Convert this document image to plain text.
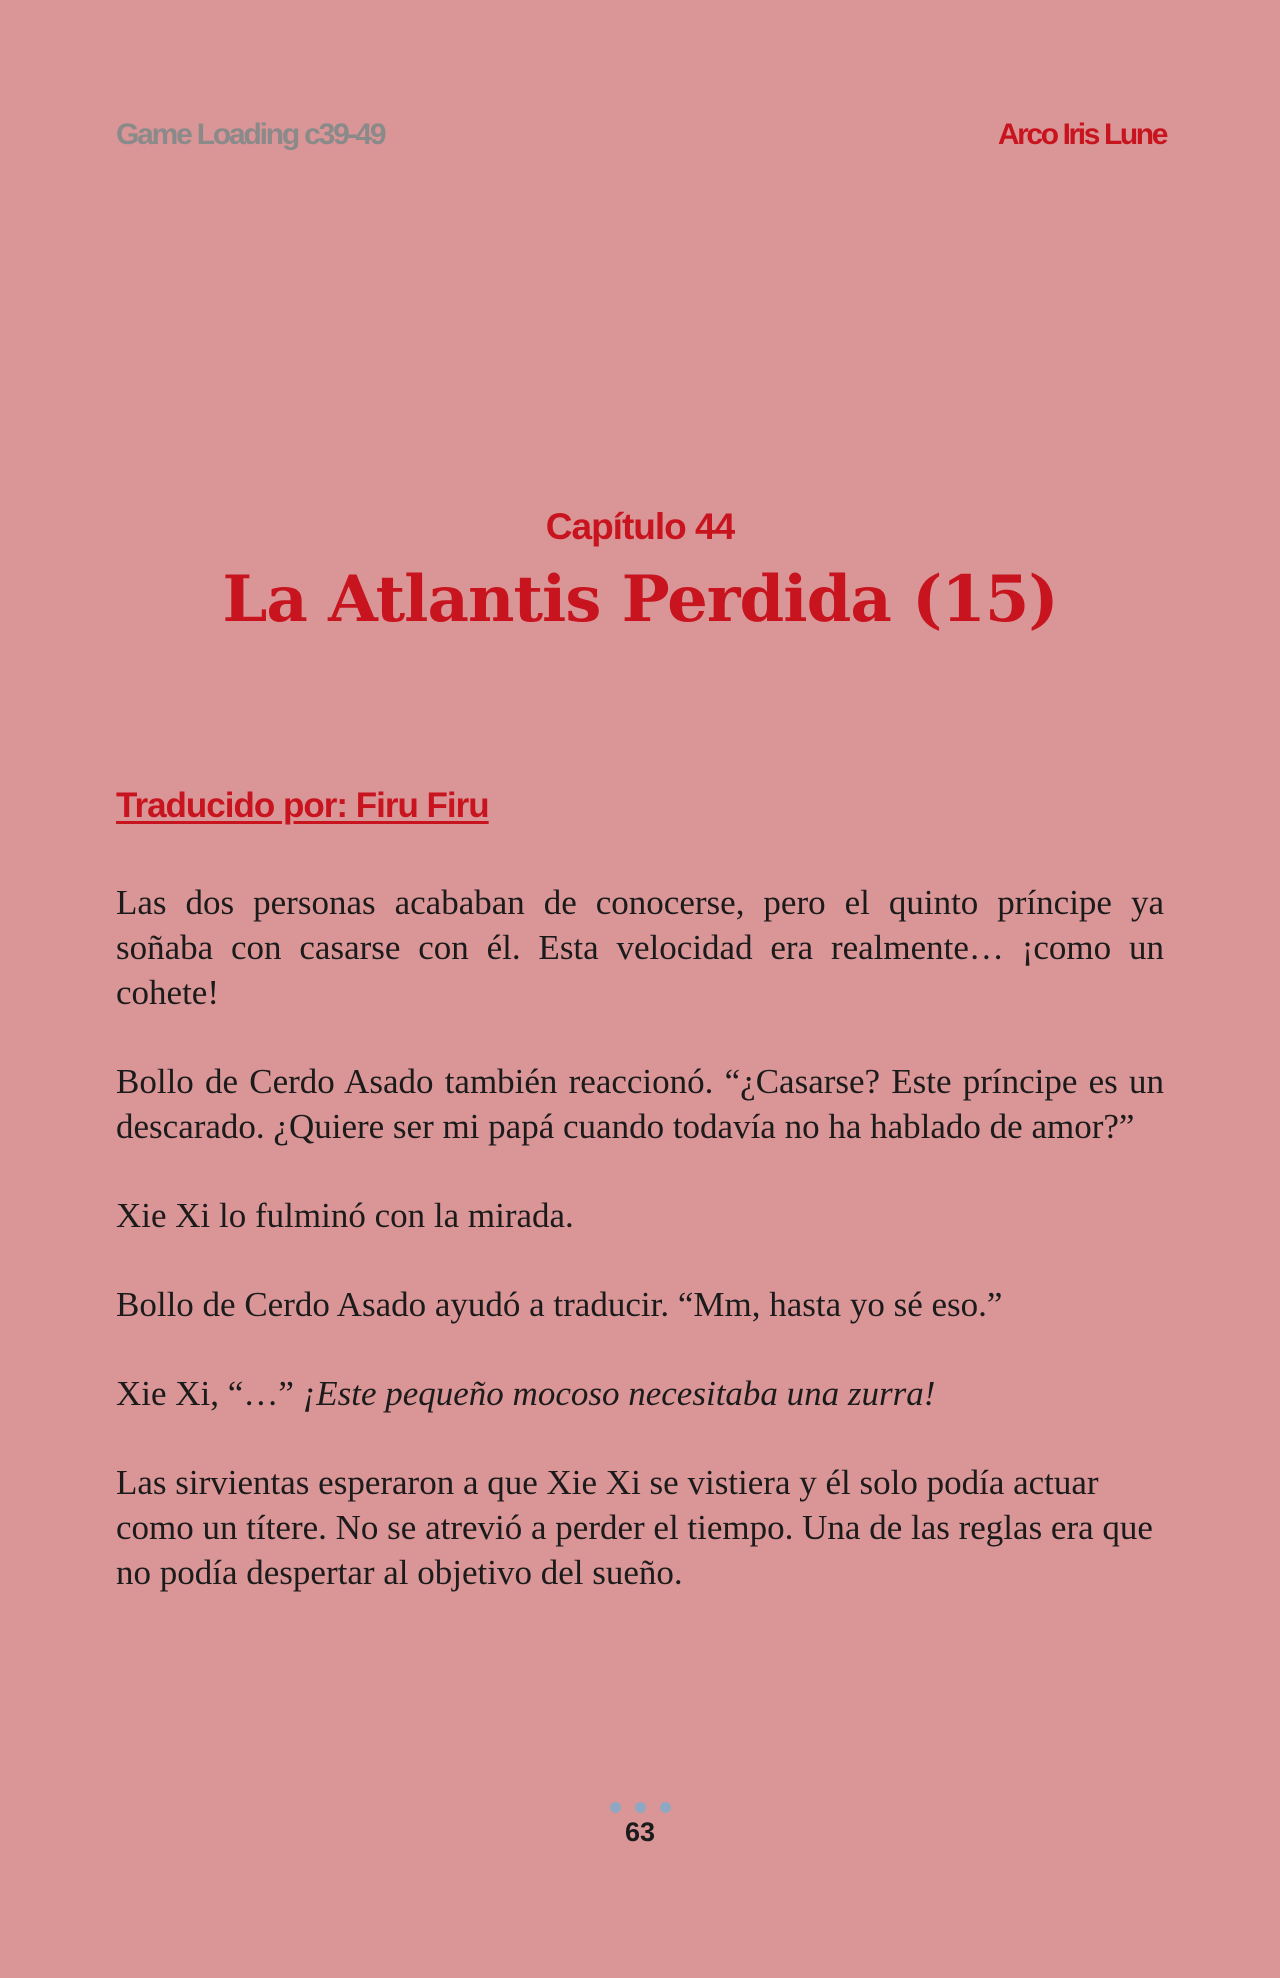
Game Loading c39-49	Arco Iris Lune
Capítulo 44
La Atlantis Perdida (15)
Traducido por: Firu Firu

Las dos personas acababan de conocerse, pero el quinto príncipe ya soñaba con casarse con él. Esta velocidad era realmente… ¡como un cohete!

Bollo de Cerdo Asado también reaccionó. “¿Casarse? Este príncipe es un descarado. ¿Quiere ser mi papá cuando todavía no ha hablado de amor?”

Xie Xi lo fulminó con la mirada.

Bollo de Cerdo Asado ayudó a traducir. “Mm, hasta yo sé eso.”

Xie Xi, “…” ¡Este pequeño mocoso necesitaba una zurra!

Las sirvientas esperaron a que Xie Xi se vistiera y él solo podía actuar como un títere. No se atrevió a perder el tiempo. Una de las reglas era que no podía despertar al objetivo del sueño.

63
